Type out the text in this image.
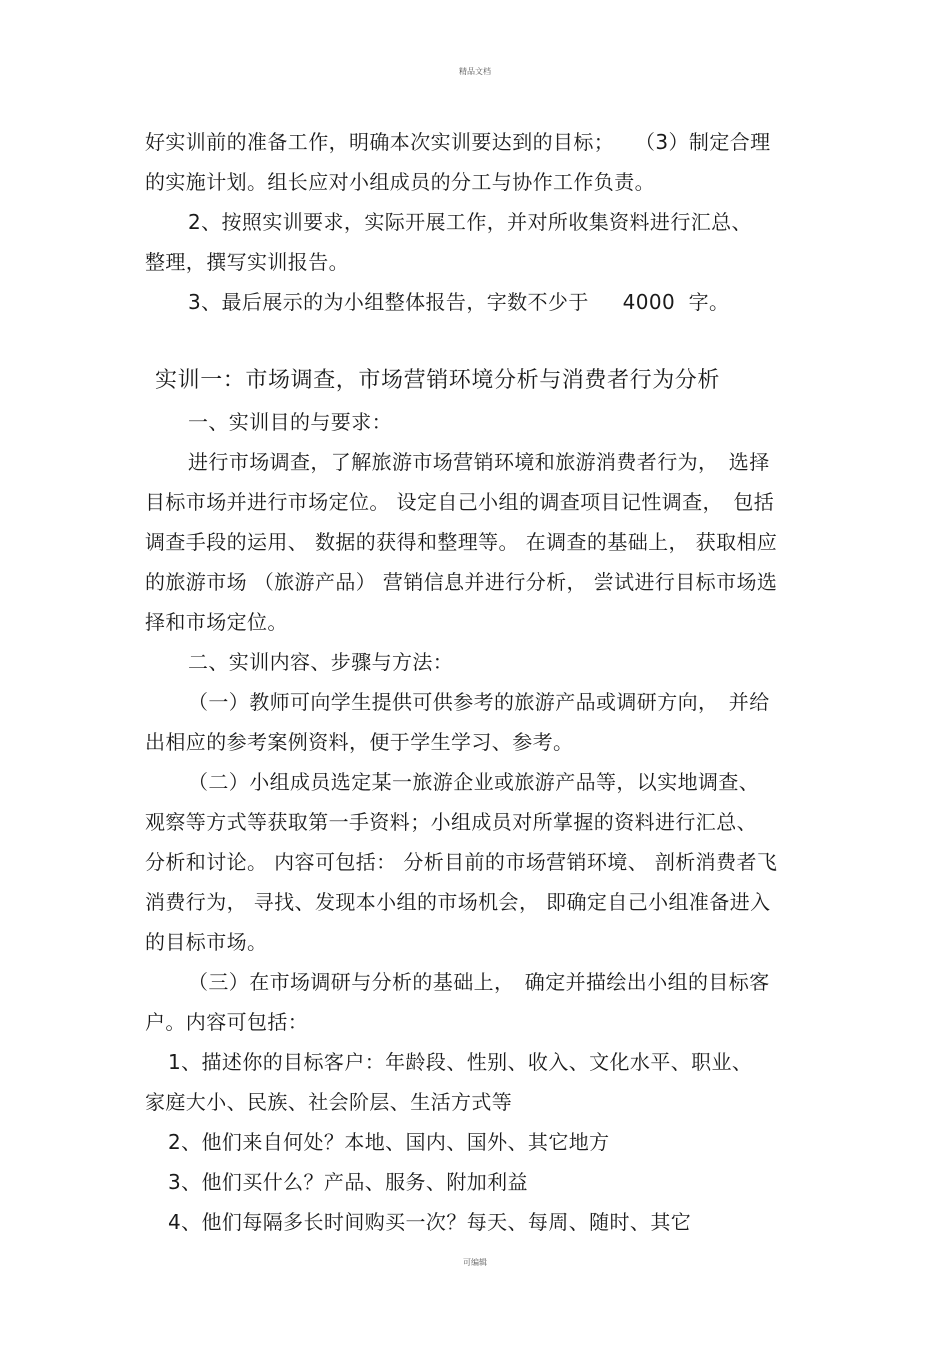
精品文档
好实训前的准备工作，明确本次实训要达到的目标；　　（3）制定合理
的实施计划。组长应对小组成员的分工与协作工作负责。
2、按照实训要求，实际开展工作，并对所收集资料进行汇总、
整理，撰写实训报告。
3、最后展示的为小组整体报告，字数不少于　  4000  字。
实训一：市场调查，市场营销环境分析与消费者行为分析
一、实训目的与要求：
进行市场调查，了解旅游市场营销环境和旅游消费者行为，　选择
目标市场并进行市场定位。 设定自己小组的调查项目记性调查，　包括
调查手段的运用、 数据的获得和整理等。 在调查的基础上， 获取相应
的旅游市场 （旅游产品） 营销信息并进行分析， 尝试进行目标市场选
择和市场定位。
二、实训内容、步骤与方法：
（一）教师可向学生提供可供参考的旅游产品或调研方向，　并给
出相应的参考案例资料，便于学生学习、参考。
（二）小组成员选定某一旅游企业或旅游产品等，以实地调查、
观察等方式等获取第一手资料；小组成员对所掌握的资料进行汇总、
分析和讨论。 内容可包括： 分析目前的市场营销环境、 剖析消费者飞
消费行为， 寻找、发现本小组的市场机会， 即确定自己小组准备进入
的目标市场。
（三）在市场调研与分析的基础上，　确定并描绘出小组的目标客
户。内容可包括：
1、描述你的目标客户：年龄段、性别、收入、文化水平、职业、
家庭大小、民族、社会阶层、生活方式等
2、他们来自何处？本地、国内、国外、其它地方
3、他们买什么？产品、服务、附加利益
4、他们每隔多长时间购买一次？每天、每周、随时、其它
可编辑
